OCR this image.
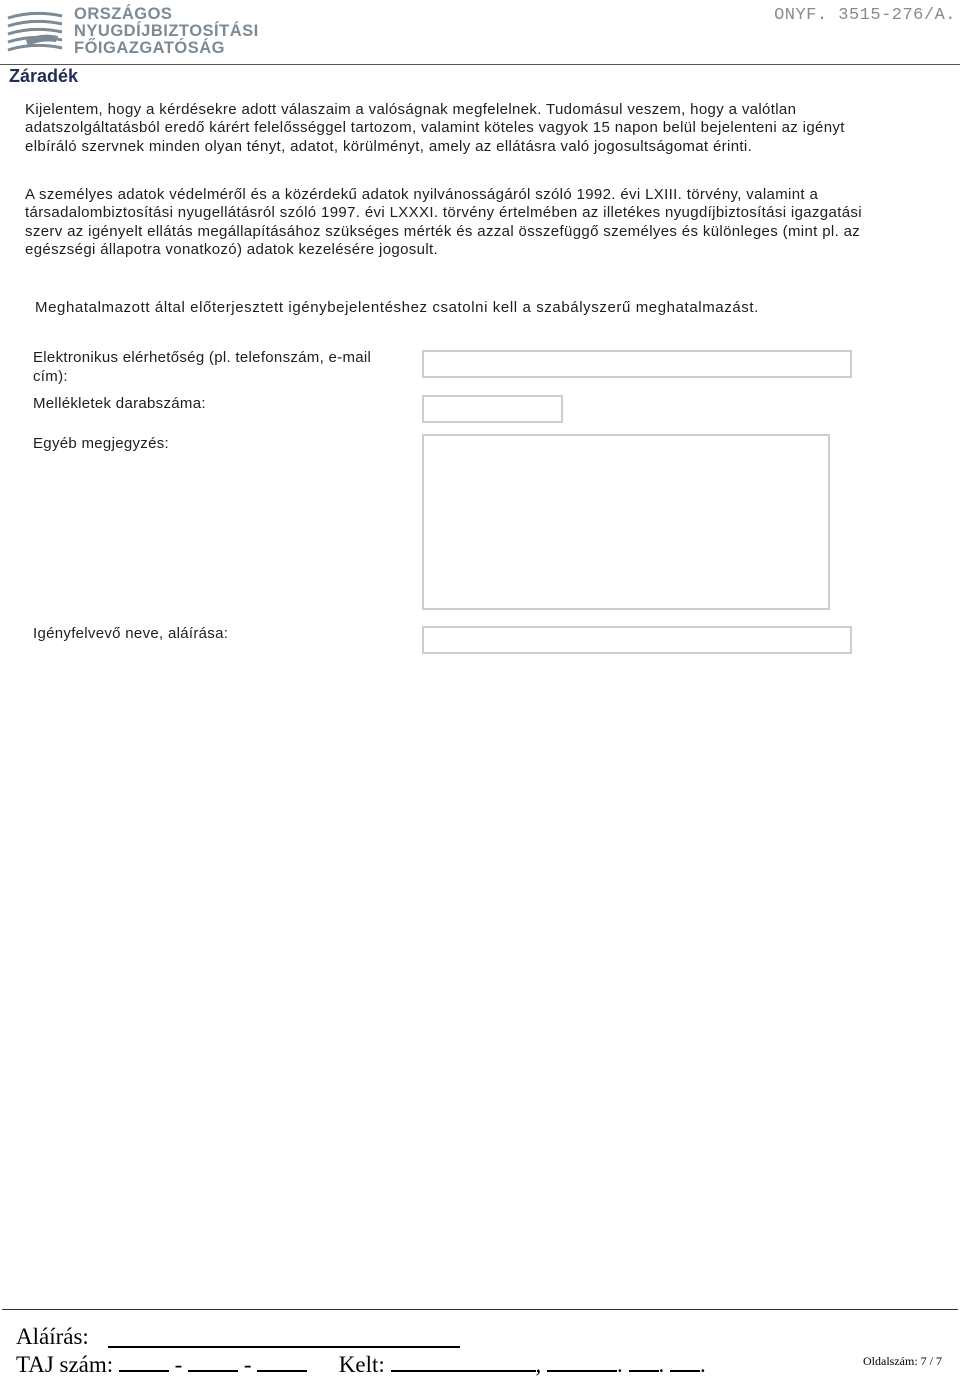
ORSZÁGOS
NYUGDÍJBIZTOSÍTÁSI
FŐIGAZGATÓSÁG
ONYF. 3515-276/A.
Záradék

Kijelentem, hogy a kérdésekre adott válaszaim a valóságnak megfelelnek. Tudomásul veszem, hogy a valótlan adatszolgáltatásból eredő kárért felelősséggel tartozom, valamint köteles vagyok 15 napon belül bejelenteni az igényt elbíráló szervnek minden olyan tényt, adatot, körülményt, amely az ellátásra való jogosultságomat érinti.

A személyes adatok védelméről és a közérdekű adatok nyilvánosságáról szóló 1992. évi LXIII. törvény, valamint a társadalombiztosítási nyugellátásról szóló 1997. évi LXXXI. törvény értelmében az illetékes nyugdíjbiztosítási igazgatási szerv az igényelt ellátás megállapításához szükséges mérték és azzal összefüggő személyes és különleges (mint pl. az egészségi állapotra vonatkozó) adatok kezelésére jogosult.

Meghatalmazott által előterjesztett igénybejelentéshez csatolni kell a szabályszerű meghatalmazást.

Elektronikus elérhetőség (pl. telefonszám, e-mail cím):
Mellékletek darabszáma:
Egyéb megjegyzés:
Igényfelvevő neve, aláírása:
Aláírás:
TAJ szám:	-	-	Kelt:	,	. . .	Oldalszám: 7 / 7
